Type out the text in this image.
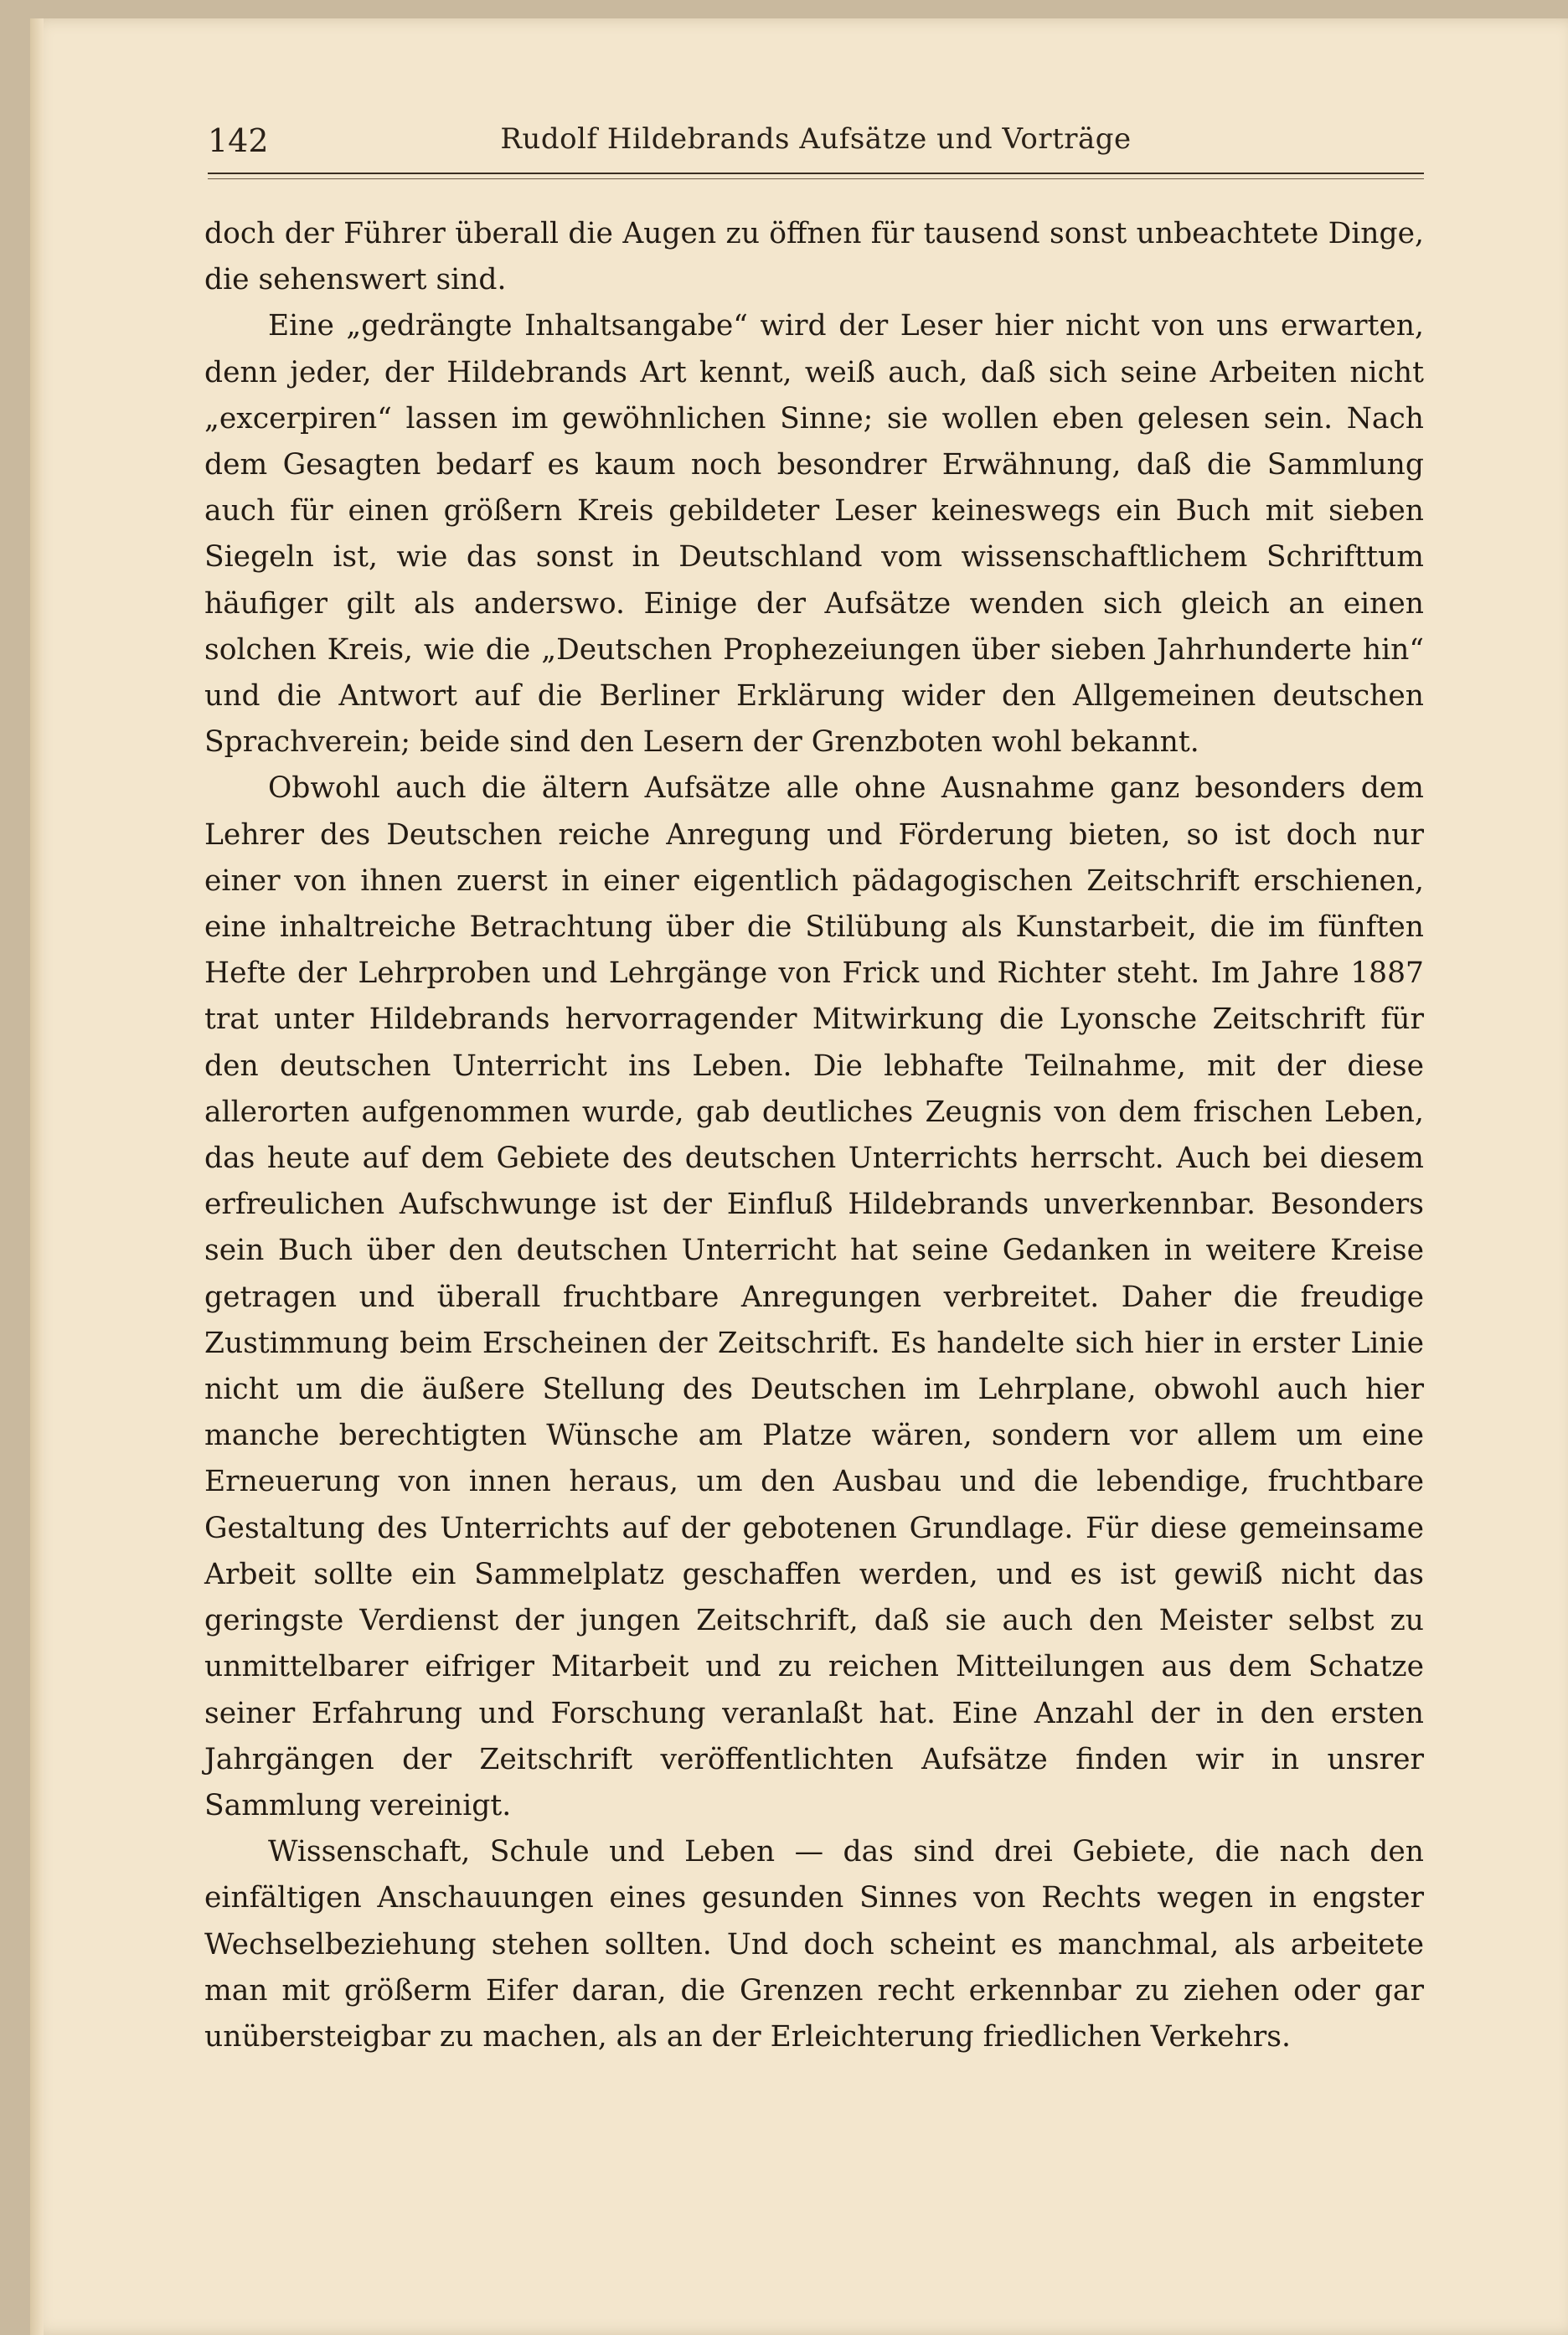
142	Rudolf Hildebrands Aufsätze und Vorträge

doch der Führer überall die Augen zu öffnen für tausend sonst unbeachtete Dinge, die sehenswert sind.

Eine „gedrängte Inhaltsangabe“ wird der Leser hier nicht von uns erwarten, denn jeder, der Hildebrands Art kennt, weiß auch, daß sich seine Arbeiten nicht „excerpiren“ lassen im gewöhnlichen Sinne; sie wollen eben gelesen sein. Nach dem Gesagten bedarf es kaum noch besondrer Erwähnung, daß die Sammlung auch für einen größern Kreis gebildeter Leser keineswegs ein Buch mit sieben Siegeln ist, wie das sonst in Deutschland vom wissenschaftlichem Schrifttum häufiger gilt als anderswo. Einige der Aufsätze wenden sich gleich an einen solchen Kreis, wie die „Deutschen Prophezeiungen über sieben Jahrhunderte hin“ und die Antwort auf die Berliner Erklärung wider den Allgemeinen deutschen Sprachverein; beide sind den Lesern der Grenzboten wohl bekannt.

Obwohl auch die ältern Aufsätze alle ohne Ausnahme ganz besonders dem Lehrer des Deutschen reiche Anregung und Förderung bieten, so ist doch nur einer von ihnen zuerst in einer eigentlich pädagogischen Zeitschrift erschienen, eine inhaltreiche Betrachtung über die Stilübung als Kunstarbeit, die im fünften Hefte der Lehrproben und Lehrgänge von Frick und Richter steht. Im Jahre 1887 trat unter Hildebrands hervorragender Mitwirkung die Lyonsche Zeitschrift für den deutschen Unterricht ins Leben. Die lebhafte Teilnahme, mit der diese allerorten aufgenommen wurde, gab deutliches Zeugnis von dem frischen Leben, das heute auf dem Gebiete des deutschen Unterrichts herrscht. Auch bei diesem erfreulichen Aufschwunge ist der Einfluß Hildebrands unverkennbar. Besonders sein Buch über den deutschen Unterricht hat seine Gedanken in weitere Kreise getragen und überall fruchtbare Anregungen verbreitet. Daher die freudige Zustimmung beim Erscheinen der Zeitschrift. Es handelte sich hier in erster Linie nicht um die äußere Stellung des Deutschen im Lehrplane, obwohl auch hier manche berechtigten Wünsche am Platze wären, sondern vor allem um eine Erneuerung von innen heraus, um den Ausbau und die lebendige, fruchtbare Gestaltung des Unterrichts auf der gebotenen Grundlage. Für diese gemeinsame Arbeit sollte ein Sammelplatz geschaffen werden, und es ist gewiß nicht das geringste Verdienst der jungen Zeitschrift, daß sie auch den Meister selbst zu unmittelbarer eifriger Mitarbeit und zu reichen Mitteilungen aus dem Schatze seiner Erfahrung und Forschung veranlaßt hat. Eine Anzahl der in den ersten Jahrgängen der Zeitschrift veröffentlichten Aufsätze finden wir in unsrer Sammlung vereinigt.

Wissenschaft, Schule und Leben — das sind drei Gebiete, die nach den einfältigen Anschauungen eines gesunden Sinnes von Rechts wegen in engster Wechselbeziehung stehen sollten. Und doch scheint es manchmal, als arbeitete man mit größerm Eifer daran, die Grenzen recht erkennbar zu ziehen oder gar unübersteigbar zu machen, als an der Erleichterung friedlichen Verkehrs.
